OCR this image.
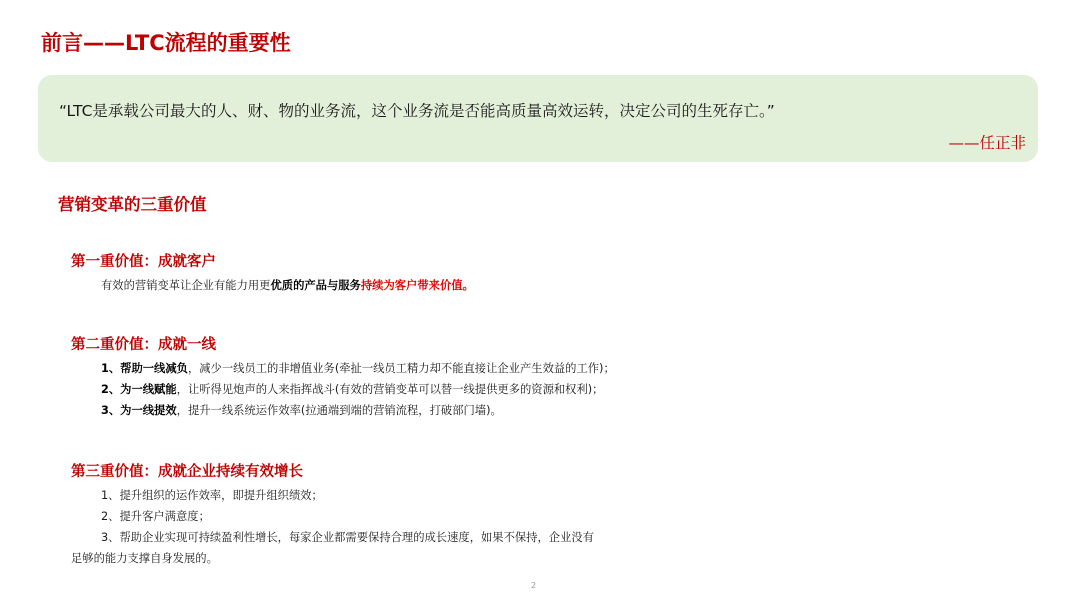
前言——LTC流程的重要性
“LTC是承载公司最大的人、财、物的业务流，这个业务流是否能高质量高效运转，决定公司的生死存亡。”
——任正非
营销变革的三重价值
第一重价值：成就客户
有效的营销变革让企业有能力用更优质的产品与服务持续为客户带来价值。
第二重价值：成就一线
1、帮助一线减负，减少一线员工的非增值业务(牵扯一线员工精力却不能直接让企业产生效益的工作)；
2、为一线赋能，让听得见炮声的人来指挥战斗(有效的营销变革可以替一线提供更多的资源和权利)；
3、为一线提效，提升一线系统运作效率(拉通端到端的营销流程，打破部门墙)。
第三重价值：成就企业持续有效增长
1、提升组织的运作效率，即提升组织绩效；
2、提升客户满意度；
3、帮助企业实现可持续盈利性增长，每家企业都需要保持合理的成长速度，如果不保持，企业没有
足够的能力支撑自身发展的。
2
